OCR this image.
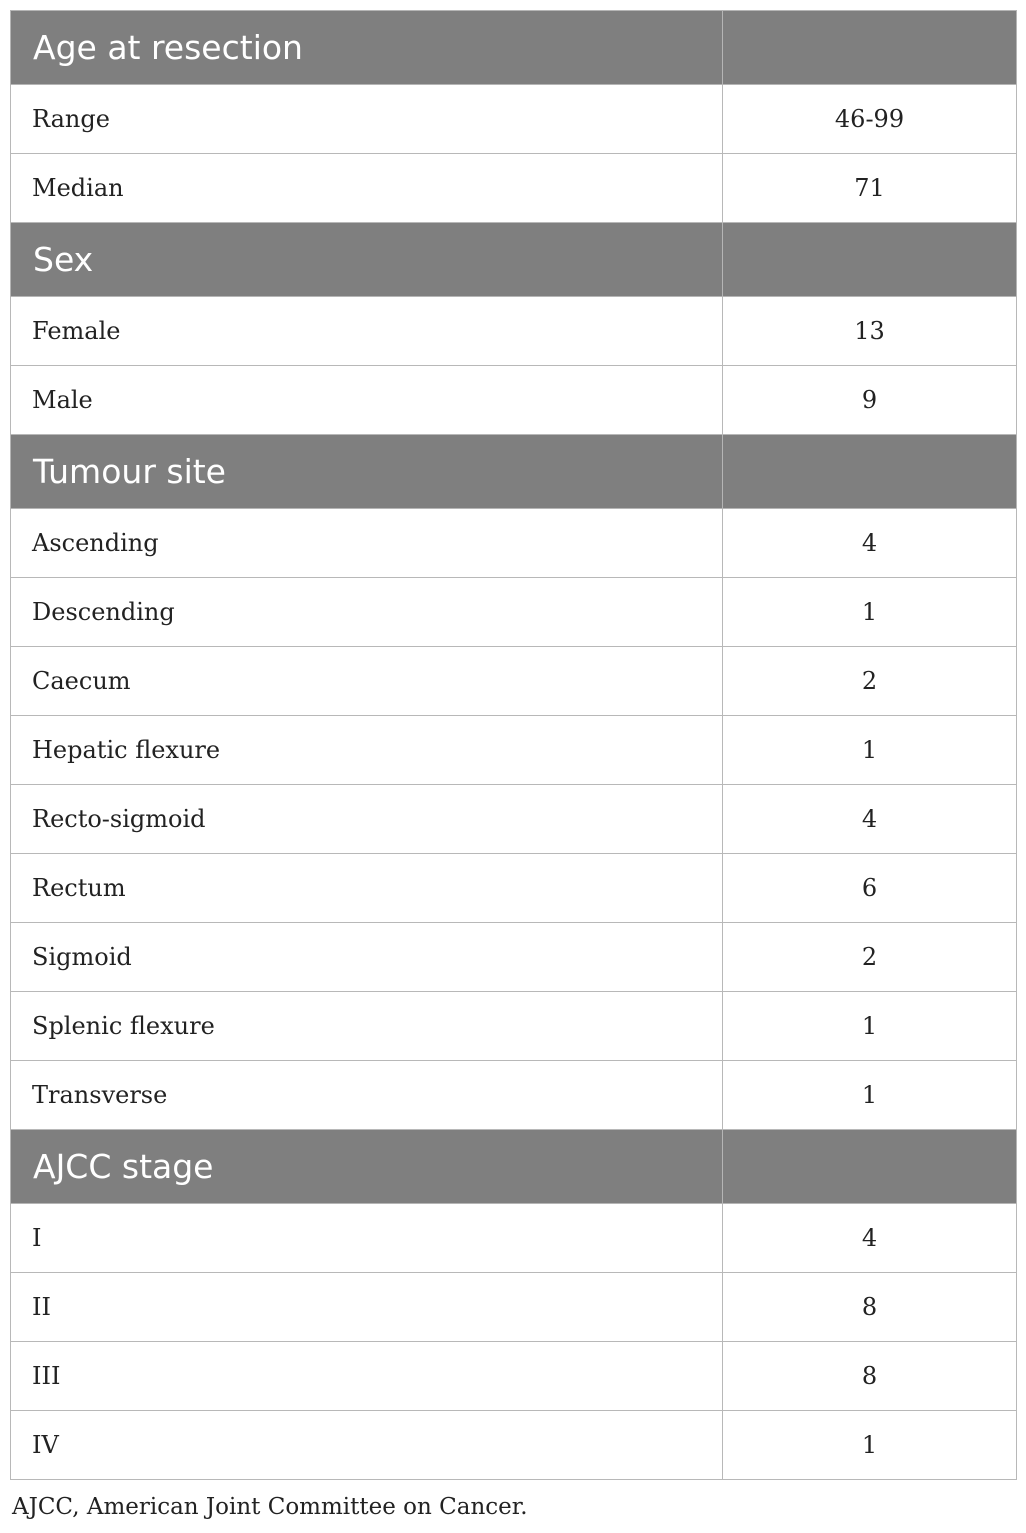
Age at resection	
Range	46-99
Median	71
Sex	
Female	13
Male	9
Tumour site	
Ascending	4
Descending	1
Caecum	2
Hepatic flexure	1
Recto-sigmoid	4
Rectum	6
Sigmoid	2
Splenic flexure	1
Transverse	1
AJCC stage	
I	4
II	8
III	8
IV	1
AJCC, American Joint Committee on Cancer.
